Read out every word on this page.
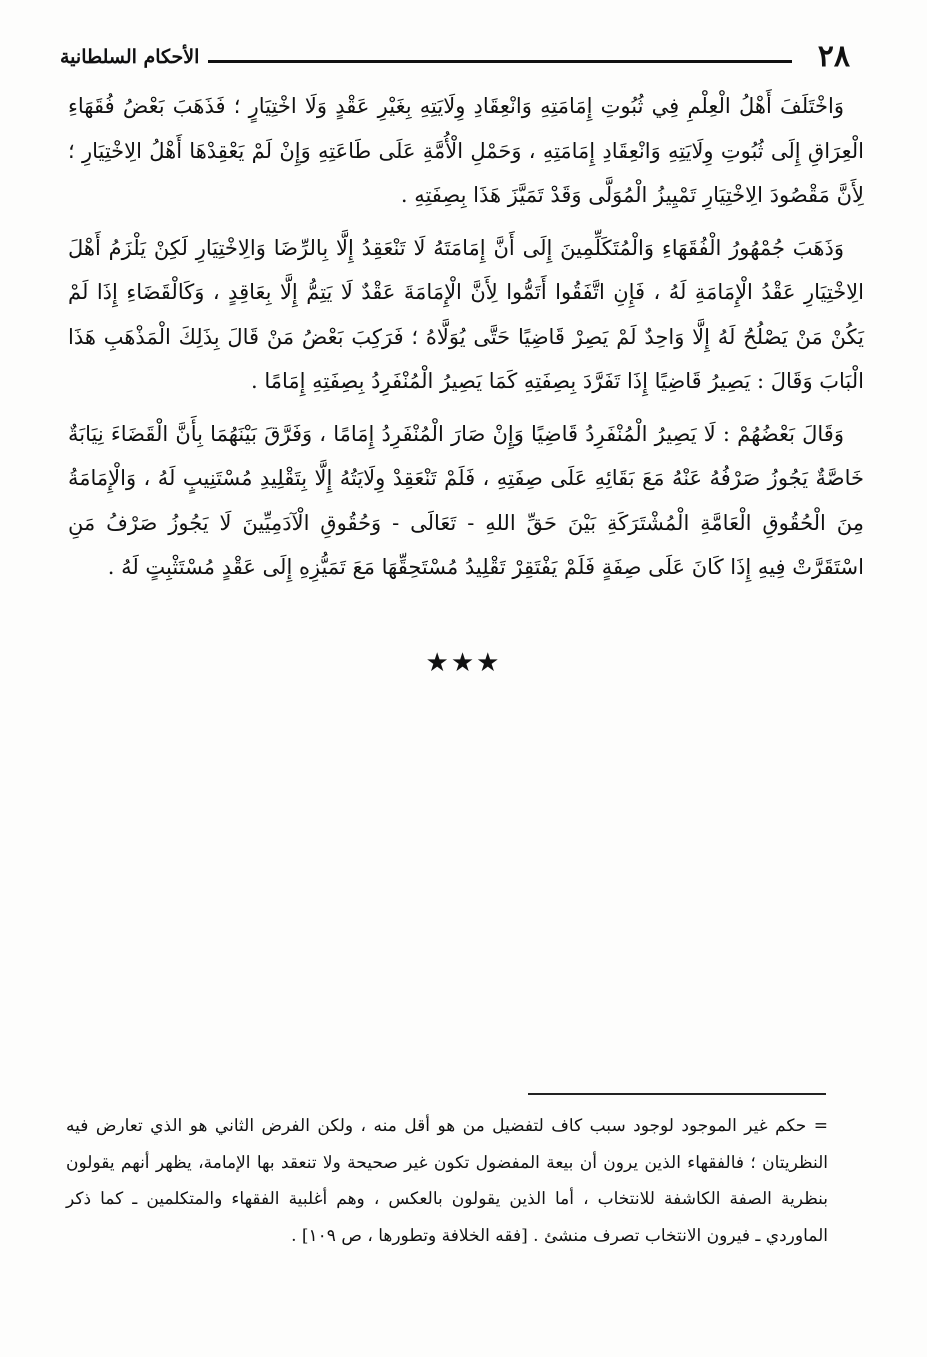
٢٨
الأحكام السلطانية

وَاخْتَلَفَ أَهْلُ الْعِلْمِ فِي ثُبُوتِ إِمَامَتِهِ وَانْعِقَادِ وِلَايَتِهِ بِغَيْرِ عَقْدٍ وَلَا اخْتِيَارٍ ؛ فَذَهَبَ بَعْضُ فُقَهَاءِ الْعِرَاقِ إِلَى ثُبُوتِ وِلَايَتِهِ وَانْعِقَادِ إِمَامَتِهِ ، وَحَمْلِ الْأُمَّةِ عَلَى طَاعَتِهِ وَإِنْ لَمْ يَعْقِدْهَا أَهْلُ الِاخْتِيَارِ ؛ لِأَنَّ مَقْصُودَ الِاخْتِيَارِ تَمْيِيزُ الْمُوَلَّى وَقَدْ تَمَيَّزَ هَذَا بِصِفَتِهِ .

وَذَهَبَ جُمْهُورُ الْفُقَهَاءِ وَالْمُتَكَلِّمِينَ إِلَى أَنَّ إِمَامَتَهُ لَا تَنْعَقِدُ إِلَّا بِالرِّضَا وَالِاخْتِيَارِ لَكِنْ يَلْزَمُ أَهْلَ الِاخْتِيَارِ عَقْدُ الْإِمَامَةِ لَهُ ، فَإِنِ اتَّفَقُوا أَتَمُّوا لِأَنَّ الْإِمَامَةَ عَقْدٌ لَا يَتِمُّ إِلَّا بِعَاقِدٍ ، وَكَالْقَضَاءِ إِذَا لَمْ يَكُنْ مَنْ يَصْلُحُ لَهُ إِلَّا وَاحِدٌ لَمْ يَصِرْ قَاضِيًا حَتَّى يُوَلَّاهُ ؛ فَرَكِبَ بَعْضُ مَنْ قَالَ بِذَلِكَ الْمَذْهَبِ هَذَا الْبَابَ وَقَالَ : يَصِيرُ قَاضِيًا إِذَا تَفَرَّدَ بِصِفَتِهِ كَمَا يَصِيرُ الْمُنْفَرِدُ بِصِفَتِهِ إِمَامًا .

وَقَالَ بَعْضُهُمْ : لَا يَصِيرُ الْمُنْفَرِدُ قَاضِيًا وَإِنْ صَارَ الْمُنْفَرِدُ إِمَامًا ، وَفَرَّقَ بَيْنَهُمَا بِأَنَّ الْقَضَاءَ نِيَابَةٌ خَاصَّةٌ يَجُوزُ صَرْفُهُ عَنْهُ مَعَ بَقَائِهِ عَلَى صِفَتِهِ ، فَلَمْ تَنْعَقِدْ وِلَايَتُهُ إِلَّا بِتَقْلِيدِ مُسْتَنِيبٍ لَهُ ، وَالْإِمَامَةُ مِنَ الْحُقُوقِ الْعَامَّةِ الْمُشْتَرَكَةِ بَيْنَ حَقِّ اللهِ - تَعَالَى - وَحُقُوقِ الْآدَمِيِّينَ لَا يَجُوزُ صَرْفُ مَنِ اسْتَقَرَّتْ فِيهِ إِذَا كَانَ عَلَى صِفَةٍ فَلَمْ يَفْتَقِرْ تَقْلِيدُ مُسْتَحِقِّهَا مَعَ تَمَيُّزِهِ إِلَى عَقْدٍ مُسْتَثْبِتٍ لَهُ .

★★★

= حكم غير الموجود لوجود سبب كاف لتفضيل من هو أقل منه ، ولكن الفرض الثاني هو الذي تعارض فيه النظريتان ؛ فالفقهاء الذين يرون أن بيعة المفضول تكون غير صحيحة ولا تنعقد بها الإمامة، يظهر أنهم يقولون بنظرية الصفة الكاشفة للانتخاب ، أما الذين يقولون بالعكس ، وهم أغلبية الفقهاء والمتكلمين ـ كما ذكر الماوردي ـ فيرون الانتخاب تصرف منشئ . [فقه الخلافة وتطورها ، ص ١٠٩] .
